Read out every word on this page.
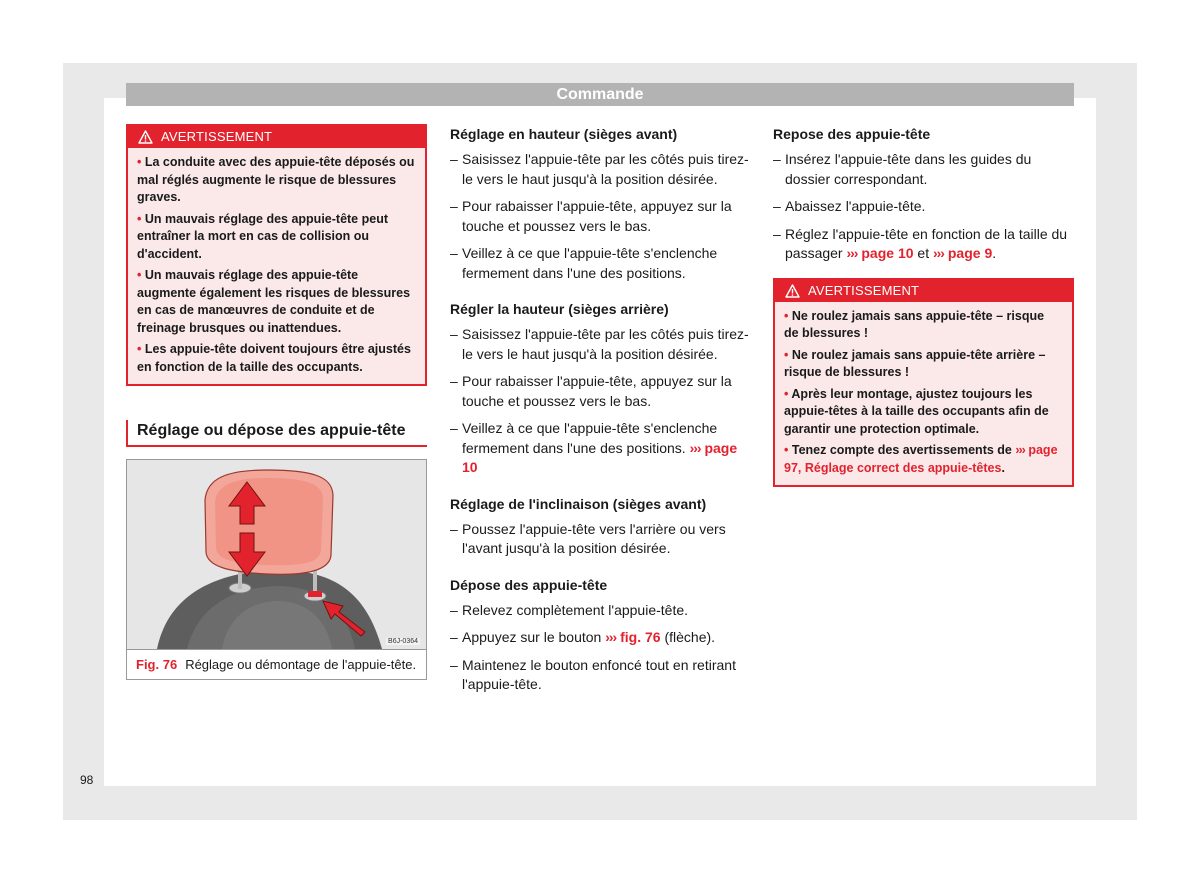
Commande
AVERTISSEMENT
• La conduite avec des appuie-tête déposés ou mal réglés augmente le risque de blessures graves.
• Un mauvais réglage des appuie-tête peut entraîner la mort en cas de collision ou d'accident.
• Un mauvais réglage des appuie-tête augmente également les risques de blessures en cas de manœuvres de conduite et de freinage brusques ou inattendues.
• Les appuie-tête doivent toujours être ajustés en fonction de la taille des occupants.
Réglage ou dépose des appuie-tête
B6J-0364
Fig. 76 Réglage ou démontage de l'appuie-tête.
Réglage en hauteur (sièges avant)
– Saisissez l'appuie-tête par les côtés puis tirez-le vers le haut jusqu'à la position désirée.
– Pour rabaisser l'appuie-tête, appuyez sur la touche et poussez vers le bas.
– Veillez à ce que l'appuie-tête s'enclenche fermement dans l'une des positions.
Régler la hauteur (sièges arrière)
– Saisissez l'appuie-tête par les côtés puis tirez-le vers le haut jusqu'à la position désirée.
– Pour rabaisser l'appuie-tête, appuyez sur la touche et poussez vers le bas.
– Veillez à ce que l'appuie-tête s'enclenche fermement dans l'une des positions. ››› page 10
Réglage de l'inclinaison (sièges avant)
– Poussez l'appuie-tête vers l'arrière ou vers l'avant jusqu'à la position désirée.
Dépose des appuie-tête
– Relevez complètement l'appuie-tête.
– Appuyez sur le bouton ››› fig. 76 (flèche).
– Maintenez le bouton enfoncé tout en retirant l'appuie-tête.
Repose des appuie-tête
– Insérez l'appuie-tête dans les guides du dossier correspondant.
– Abaissez l'appuie-tête.
– Réglez l'appuie-tête en fonction de la taille du passager ››› page 10 et ››› page 9.
AVERTISSEMENT
• Ne roulez jamais sans appuie-tête – risque de blessures !
• Ne roulez jamais sans appuie-tête arrière – risque de blessures !
• Après leur montage, ajustez toujours les appuie-têtes à la taille des occupants afin de garantir une protection optimale.
• Tenez compte des avertissements de ››› page 97, Réglage correct des appuie-têtes.
98
